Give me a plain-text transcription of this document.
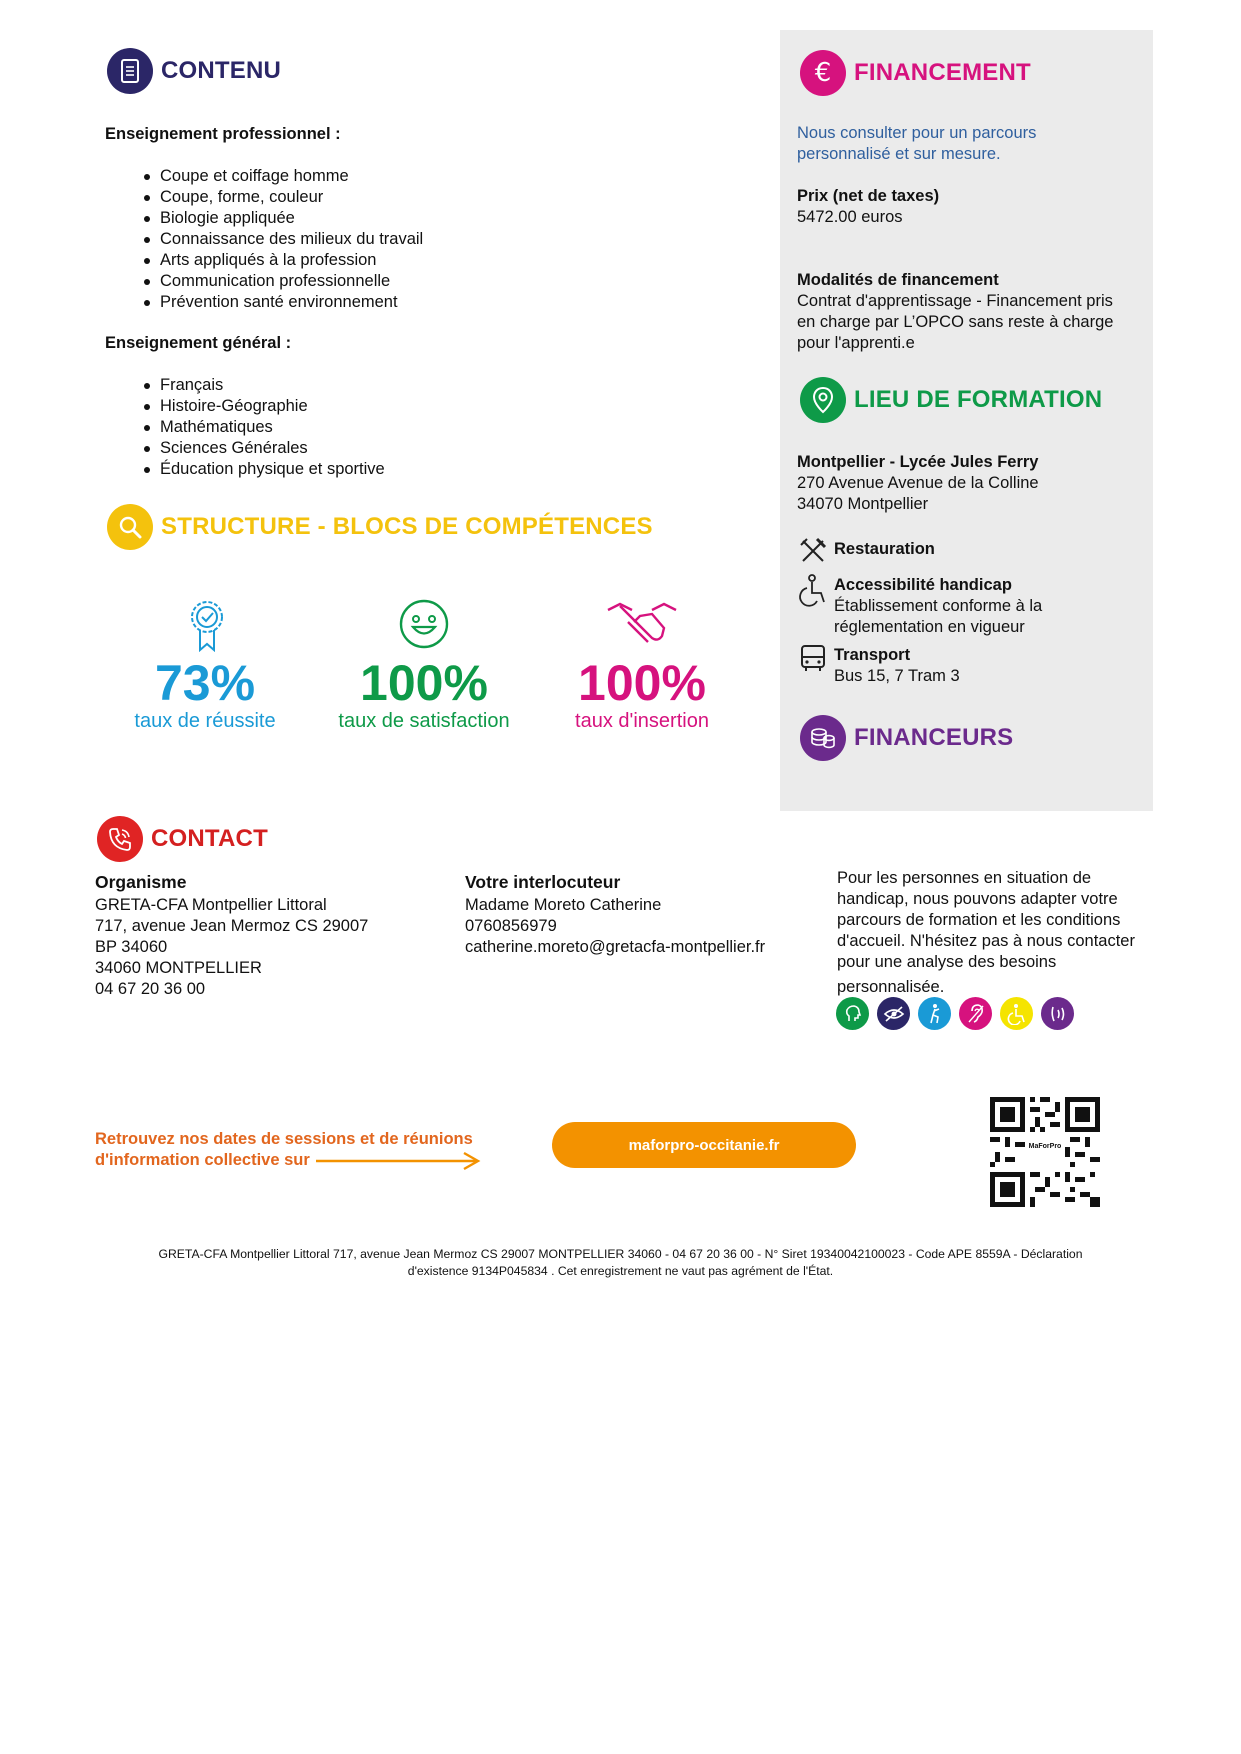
CONTENU
Enseignement professionnel :
Coupe et coiffage homme
Coupe, forme, couleur
Biologie appliquée
Connaissance des milieux du travail
Arts appliqués à la profession
Communication professionnelle
Prévention santé environnement
Enseignement général :
Français
Histoire-Géographie
Mathématiques
Sciences Générales
Éducation physique et sportive
STRUCTURE - BLOCS DE COMPÉTENCES
73%
taux de réussite
100%
taux de satisfaction
100%
taux d'insertion
€ FINANCEMENT
Nous consulter pour un parcours
personnalisé et sur mesure.
Prix (net de taxes)
5472.00 euros
Modalités de financement
Contrat d'apprentissage - Financement pris
en charge par L’OPCO sans reste à charge
pour l'apprenti.e
LIEU DE FORMATION
Montpellier - Lycée Jules Ferry
270 Avenue Avenue de la Colline
34070 Montpellier
Restauration
Accessibilité handicap
Établissement conforme à la
réglementation en vigueur
Transport
Bus 15, 7 Tram 3
FINANCEURS
CONTACT
Organisme
GRETA-CFA Montpellier Littoral
717, avenue Jean Mermoz CS 29007
BP 34060
34060 MONTPELLIER
04 67 20 36 00
Votre interlocuteur
Madame Moreto Catherine
0760856979
catherine.moreto@gretacfa-montpellier.fr
Pour les personnes en situation de
handicap, nous pouvons adapter votre
parcours de formation et les conditions
d'accueil. N'hésitez pas à nous contacter
pour une analyse des besoins
personnalisée.
Retrouvez nos dates de sessions et de réunions
d'information collective sur
maforpro-occitanie.fr	MaForPro
GRETA-CFA Montpellier Littoral 717, avenue Jean Mermoz CS 29007 MONTPELLIER 34060 - 04 67 20 36 00 - N° Siret 19340042100023 - Code APE 8559A - Déclaration
d'existence 9134P045834 . Cet enregistrement ne vaut pas agrément de l'État.
